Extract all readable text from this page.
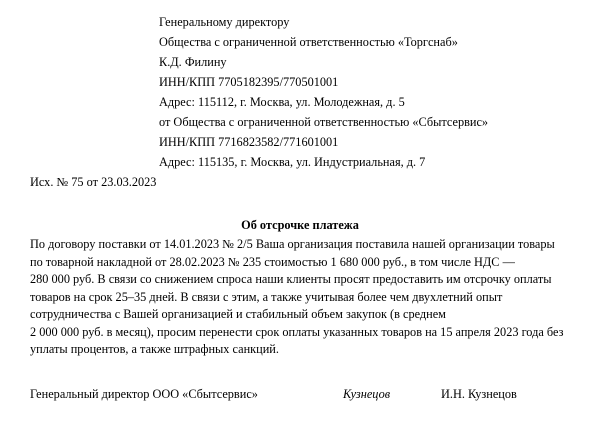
Генеральному директору
Общества с ограниченной ответственностью «Торгснаб»
К.Д. Филину
ИНН/КПП 7705182395/770501001
Адрес: 115112, г. Москва, ул. Молодежная, д. 5
от Общества с ограниченной ответственностью «Сбытсервис»
ИНН/КПП 7716823582/771601001
Адрес: 115135, г. Москва, ул. Индустриальная, д. 7
Исх. № 75 от 23.03.2023
Об отсрочке платежа
По договору поставки от 14.01.2023 № 2/5 Ваша организация поставила нашей организации товары
по товарной накладной от 28.02.2023 № 235 стоимостью 1 680 000 руб., в том числе НДС —
280 000 руб. В связи со снижением спроса наши клиенты просят предоставить им отсрочку оплаты
товаров на срок 25–35 дней. В связи с этим, а также учитывая более чем двухлетний опыт
сотрудничества с Вашей организацией и стабильный объем закупок (в среднем
2 000 000 руб. в месяц), просим перенести срок оплаты указанных товаров на 15 апреля 2023 года без
уплаты процентов, а также штрафных санкций.
Генеральный директор ООО «Сбытсервис»	Кузнецов	И.Н. Кузнецов
